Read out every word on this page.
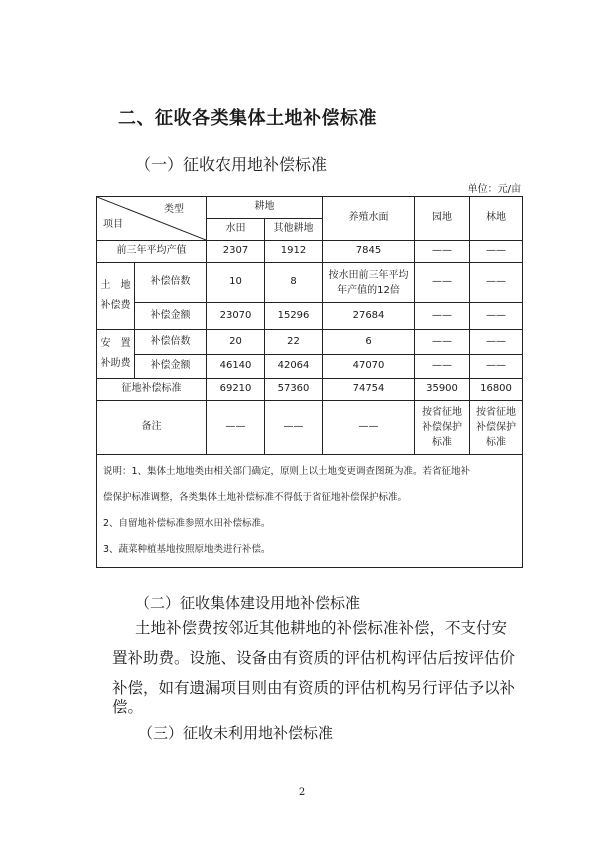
二、征收各类集体土地补偿标准
（一）征收农用地补偿标准
单位：元/亩
类型
项目		耕地		养殖水面	园地	林地
		水田	其他耕地			
前三年平均产值		2307	1912	7845	——	——
土　地
补偿费	补偿倍数	10	8	按水田前三年平均年产值的12倍	——	——
	补偿金额	23070	15296	27684	——	——
安　置
补助费	补偿倍数	20	22	6	——	——
	补偿金额	46140	42064	47070	——	——
征地补偿标准		69210	57360	74754	35900	16800
备注		——	——	——	按省征地补偿保护标准	按省征地补偿保护标准

说明：1、集体土地地类由相关部门确定，原则上以土地变更调查图斑为准。若省征地补
偿保护标准调整，各类集体土地补偿标准不得低于省征地补偿保护标准。
2、自留地补偿标准参照水田补偿标准。
3、蔬菜种植基地按照原地类进行补偿。						
（二）征收集体建设用地补偿标准
土地补偿费按邻近其他耕地的补偿标准补偿，不支付安
置补助费。设施、设备由有资质的评估机构评估后按评估价
补偿，如有遗漏项目则由有资质的评估机构另行评估予以补
偿。
（三）征收未利用地补偿标准
2
